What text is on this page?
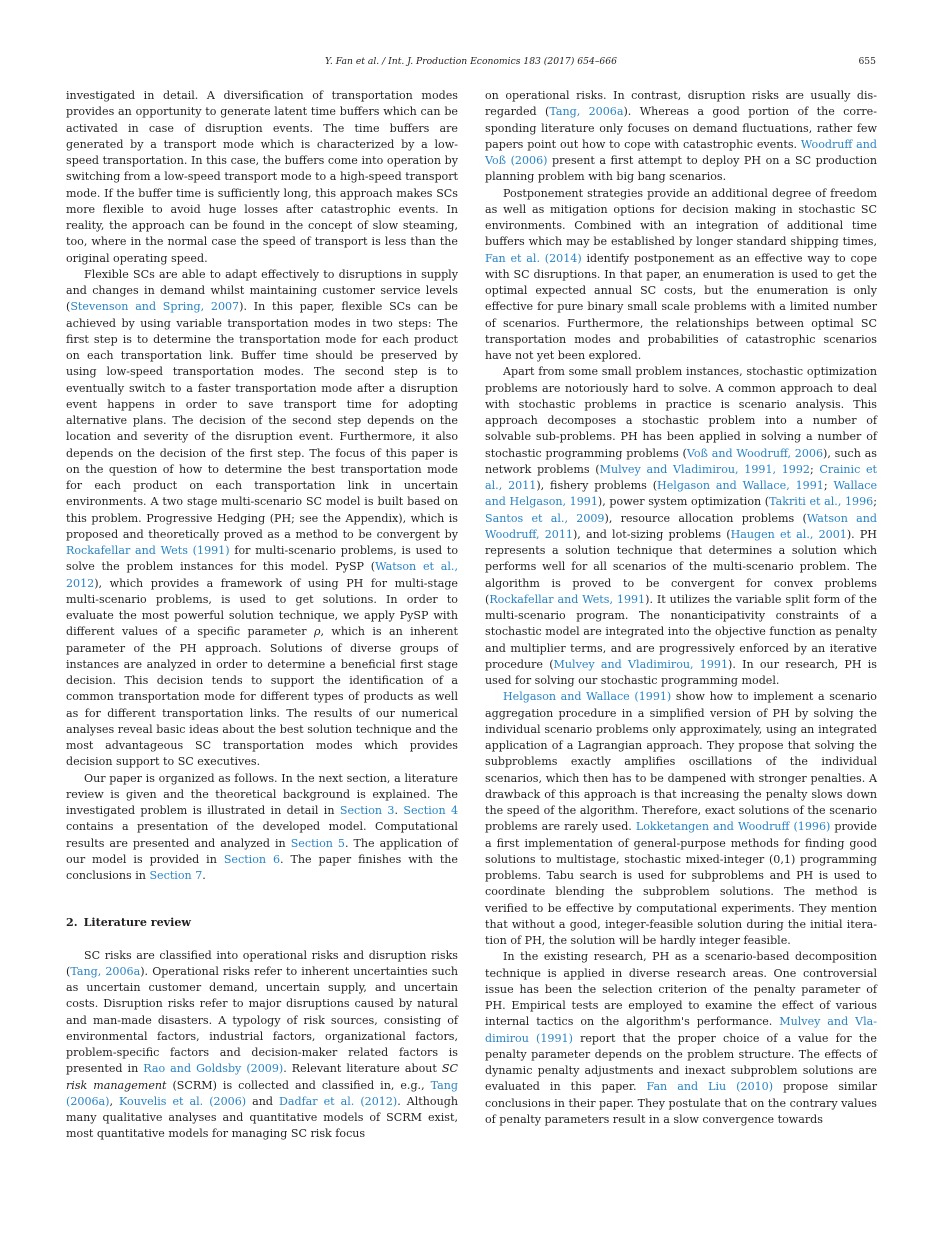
Y. Fan et al. / Int. J. Production Economics 183 (2017) 654–666	655

investigated in detail. A diversification of transportation modes provides an opportunity to generate latent time buffers which can be activated in case of disruption events. The time buffers are generated by a transport mode which is characterized by a low-speed transportation. In this case, the buffers come into operation by switching from a low-speed transport mode to a high-speed transport mode. If the buffer time is sufficiently long, this approach makes SCs more flexible to avoid huge losses after catastrophic events. In reality, the approach can be found in the concept of slow steaming, too, where in the normal case the speed of transport is less than the original operating speed.

Flexible SCs are able to adapt effectively to disruptions in supply and changes in demand whilst maintaining customer service levels (Stevenson and Spring, 2007). In this paper, flexible SCs can be achieved by using variable transportation modes in two steps: The first step is to determine the transportation mode for each product on each transportation link. Buffer time should be preserved by using low-speed transportation modes. The second step is to eventually switch to a faster transportation mode after a disruption event happens in order to save transport time for adopting alternative plans. The decision of the second step depends on the location and severity of the disruption event. Furthermore, it also depends on the decision of the first step. The focus of this paper is on the question of how to determine the best transportation mode for each product on each transportation link in uncertain environments. A two stage multi-scenario SC model is built based on this problem. Progressive Hedging (PH; see the Appendix), which is proposed and theoretically proved as a method to be convergent by Rockafellar and Wets (1991) for multi-scenario problems, is used to solve the problem instances for this model. PySP (Watson et al., 2012), which provides a framework of using PH for multi-stage multi-scenario problems, is used to get solutions. In order to evaluate the most powerful solution technique, we apply PySP with different values of a specific parameter ρ, which is an inherent parameter of the PH approach. Solutions of diverse groups of instances are analyzed in order to determine a beneficial first stage decision. This decision tends to support the identification of a common transportation mode for different types of products as well as for different transportation links. The results of our numerical analyses reveal basic ideas about the best solution technique and the most advantageous SC transportation modes which provides decision support to SC executives.

Our paper is organized as follows. In the next section, a literature review is given and the theoretical background is explained. The investigated problem is illustrated in detail in Section 3. Section 4 contains a presentation of the developed model. Computational results are presented and analyzed in Section 5. The application of our model is provided in Section 6. The paper finishes with the conclusions in Section 7.

2. Literature review

SC risks are classified into operational risks and disruption risks (Tang, 2006a). Operational risks refer to inherent uncertainties such as uncertain customer demand, uncertain supply, and uncertain costs. Disruption risks refer to major disruptions caused by natural and man-made disasters. A typology of risk sources, consisting of environmental factors, industrial factors, organizational factors, problem-specific factors and decision-maker related factors is presented in Rao and Goldsby (2009). Relevant literature about SC risk management (SCRM) is collected and classified in, e.g., Tang (2006a), Kouvelis et al. (2006) and Dadfar et al. (2012). Although many qualitative analyses and quantitative models of SCRM exist, most quantitative models for managing SC risk focus

on operational risks. In contrast, disruption risks are usually disregarded (Tang, 2006a). Whereas a good portion of the corresponding literature only focuses on demand fluctuations, rather few papers point out how to cope with catastrophic events. Woodruff and Voß (2006) present a first attempt to deploy PH on a SC production planning problem with big bang scenarios.

Postponement strategies provide an additional degree of freedom as well as mitigation options for decision making in stochastic SC environments. Combined with an integration of additional time buffers which may be established by longer standard shipping times, Fan et al. (2014) identify postponement as an effective way to cope with SC disruptions. In that paper, an enumeration is used to get the optimal expected annual SC costs, but the enumeration is only effective for pure binary small scale problems with a limited number of scenarios. Furthermore, the relationships between optimal SC transportation modes and probabilities of catastrophic scenarios have not yet been explored.

Apart from some small problem instances, stochastic optimization problems are notoriously hard to solve. A common approach to deal with stochastic problems in practice is scenario analysis. This approach decomposes a stochastic problem into a number of solvable sub-problems. PH has been applied in solving a number of stochastic programming problems (Voß and Woodruff, 2006), such as network problems (Mulvey and Vladimirou, 1991, 1992; Crainic et al., 2011), fishery problems (Helgason and Wallace, 1991; Wallace and Helgason, 1991), power system optimization (Takriti et al., 1996; Santos et al., 2009), resource allocation problems (Watson and Woodruff, 2011), and lot-sizing problems (Haugen et al., 2001). PH represents a solution technique that determines a solution which performs well for all scenarios of the multi-scenario problem. The algorithm is proved to be convergent for convex problems (Rockafellar and Wets, 1991). It utilizes the variable split form of the multi-scenario program. The nonanticipativity constraints of a stochastic model are integrated into the objective function as penalty and multiplier terms, and are progressively enforced by an iterative procedure (Mulvey and Vladimirou, 1991). In our research, PH is used for solving our stochastic programming model.

Helgason and Wallace (1991) show how to implement a scenario aggregation procedure in a simplified version of PH by solving the individual scenario problems only approximately, using an integrated application of a Lagrangian approach. They propose that solving the subproblems exactly amplifies oscillations of the individual scenarios, which then has to be dampened with stronger penalties. A drawback of this approach is that increasing the penalty slows down the speed of the algorithm. Therefore, exact solutions of the scenario problems are rarely used. Lokketangen and Woodruff (1996) provide a first implementation of general-purpose methods for finding good solutions to multistage, stochastic mixed-integer (0,1) programming problems. Tabu search is used for subproblems and PH is used to coordinate blending the subproblem solutions. The method is verified to be effective by computational experiments. They mention that without a good, integer-feasible solution during the initial iteration of PH, the solution will be hardly integer feasible.

In the existing research, PH as a scenario-based decomposition technique is applied in diverse research areas. One controversial issue has been the selection criterion of the penalty parameter of PH. Empirical tests are employed to examine the effect of various internal tactics on the algorithm's performance. Mulvey and Vladimirou (1991) report that the proper choice of a value for the penalty parameter depends on the problem structure. The effects of dynamic penalty adjustments and inexact subproblem solutions are evaluated in this paper. Fan and Liu (2010) propose similar conclusions in their paper. They postulate that on the contrary values of penalty parameters result in a slow convergence towards
